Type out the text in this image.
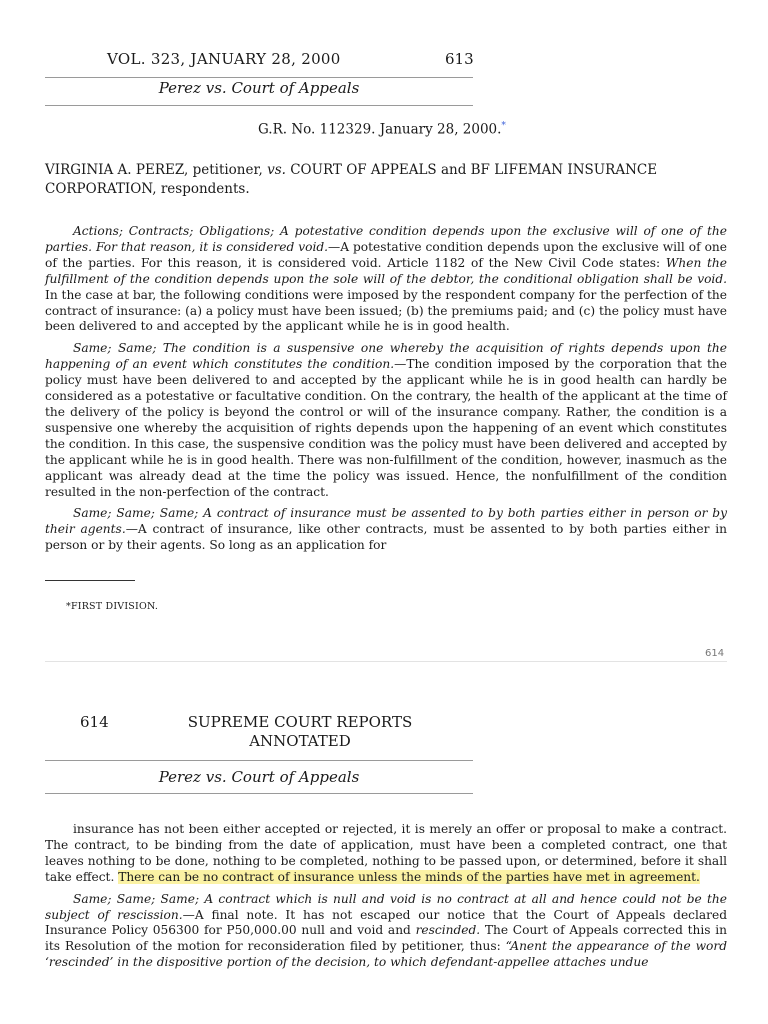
VOL. 323, JANUARY 28, 2000	613
Perez vs. Court of Appeals
G.R. No. 112329. January 28, 2000.*
VIRGINIA A. PEREZ, petitioner, vs. COURT OF APPEALS and BF LIFEMAN INSURANCE CORPORATION, respondents.

Actions; Contracts; Obligations; A potestative condition depends upon the exclusive will of one of the parties. For that reason, it is considered void.—A potestative condition depends upon the exclusive will of one of the parties. For this reason, it is considered void. Article 1182 of the New Civil Code states: When the fulfillment of the condition depends upon the sole will of the debtor, the conditional obligation shall be void. In the case at bar, the following conditions were imposed by the respondent company for the perfection of the contract of insurance: (a) a policy must have been issued; (b) the premiums paid; and (c) the policy must have been delivered to and accepted by the applicant while he is in good health.

Same; Same; The condition is a suspensive one whereby the acquisition of rights depends upon the happening of an event which constitutes the condition.—The condition imposed by the corporation that the policy must have been delivered to and accepted by the applicant while he is in good health can hardly be considered as a potestative or facultative condition. On the contrary, the health of the applicant at the time of the delivery of the policy is beyond the control or will of the insurance company. Rather, the condition is a suspensive one whereby the acquisition of rights depends upon the happening of an event which constitutes the condition. In this case, the suspensive condition was the policy must have been delivered and accepted by the applicant while he is in good health. There was non-fulfillment of the condition, however, inasmuch as the applicant was already dead at the time the policy was issued. Hence, the nonfulfillment of the condition resulted in the non-perfection of the contract.

Same; Same; Same; A contract of insurance must be assented to by both parties either in person or by their agents.—A contract of insurance, like other contracts, must be assented to by both parties either in person or by their agents. So long as an application for

*FIRST DIVISION.
614
614	SUPREME COURT REPORTS ANNOTATED
Perez vs. Court of Appeals

insurance has not been either accepted or rejected, it is merely an offer or proposal to make a contract. The contract, to be binding from the date of application, must have been a completed contract, one that leaves nothing to be done, nothing to be completed, nothing to be passed upon, or determined, before it shall take effect. There can be no contract of insurance unless the minds of the parties have met in agreement.

Same; Same; Same; A contract which is null and void is no contract at all and hence could not be the subject of rescission.—A final note. It has not escaped our notice that the Court of Appeals declared Insurance Policy 056300 for P50,000.00 null and void and rescinded. The Court of Appeals corrected this in its Resolution of the motion for reconsideration filed by petitioner, thus: “Anent the appearance of the word ‘rescinded’ in the dispositive portion of the decision, to which defendant-appellee attaches undue
